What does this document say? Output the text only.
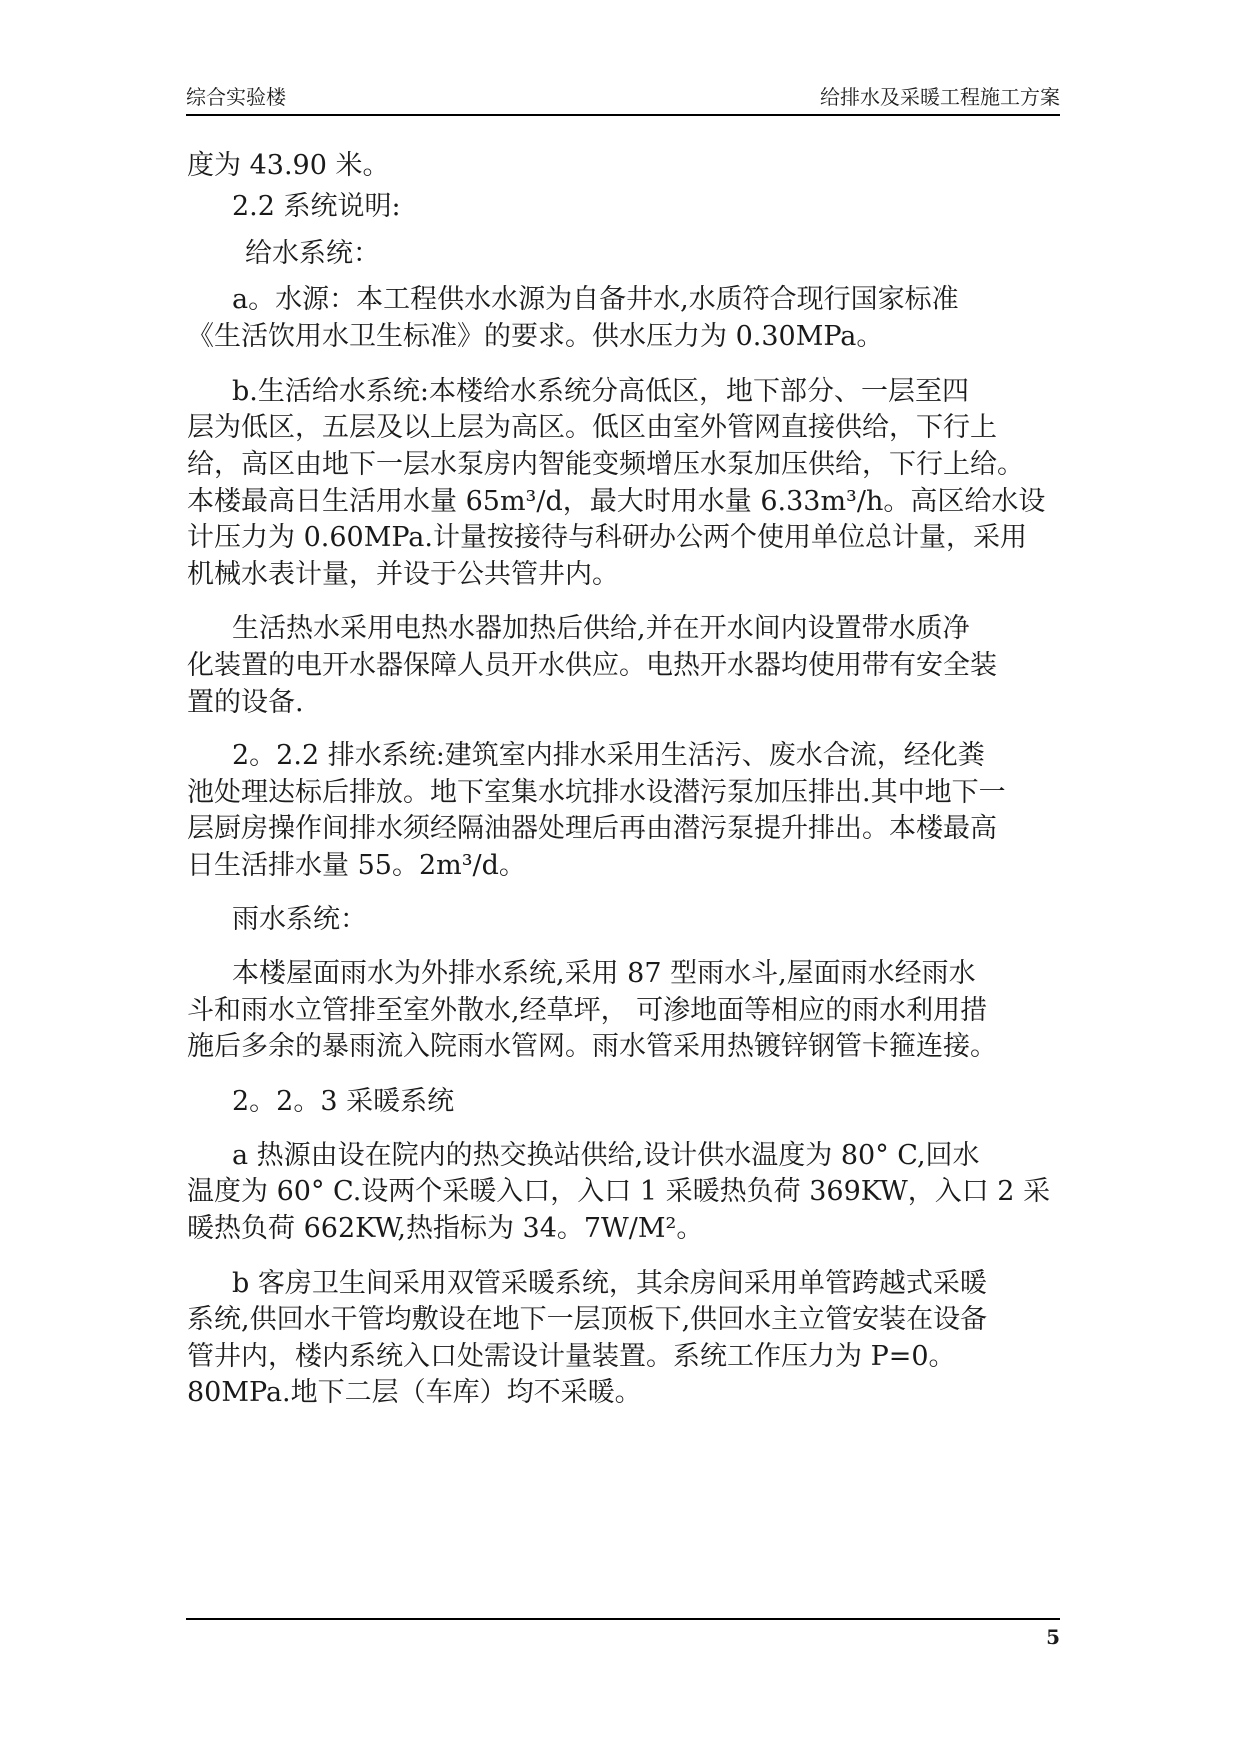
综合实验楼	给排水及采暖工程施工方案

度为 43.90 米。

2.2 系统说明:

给水系统：

a。水源：本工程供水水源为自备井水,水质符合现行国家标准

《生活饮用水卫生标准》的要求。供水压力为 0.30MPa。

b.生活给水系统:本楼给水系统分高低区，地下部分、一层至四

层为低区，五层及以上层为高区。低区由室外管网直接供给，下行上

给，高区由地下一层水泵房内智能变频增压水泵加压供给，下行上给。

本楼最高日生活用水量 65m³/d，最大时用水量 6.33m³/h。高区给水设

计压力为 0.60MPa.计量按接待与科研办公两个使用单位总计量，采用

机械水表计量，并设于公共管井内。

生活热水采用电热水器加热后供给,并在开水间内设置带水质净

化装置的电开水器保障人员开水供应。电热开水器均使用带有安全装

置的设备.

2。2.2 排水系统:建筑室内排水采用生活污、废水合流，经化粪

池处理达标后排放。地下室集水坑排水设潜污泵加压排出.其中地下一

层厨房操作间排水须经隔油器处理后再由潜污泵提升排出。本楼最高

日生活排水量 55。2m³/d。

雨水系统：

本楼屋面雨水为外排水系统,采用 87 型雨水斗,屋面雨水经雨水

斗和雨水立管排至室外散水,经草坪， 可渗地面等相应的雨水利用措

施后多余的暴雨流入院雨水管网。雨水管采用热镀锌钢管卡箍连接。

2。2。3 采暖系统

a 热源由设在院内的热交换站供给,设计供水温度为 80° C,回水

温度为 60° C.设两个采暖入口，入口 1 采暖热负荷 369KW，入口 2 采

暖热负荷 662KW,热指标为 34。7W/M²。

b 客房卫生间采用双管采暖系统，其余房间采用单管跨越式采暖

系统,供回水干管均敷设在地下一层顶板下,供回水主立管安装在设备

管井内，楼内系统入口处需设计量装置。系统工作压力为 P=0。

80MPa.地下二层（车库）均不采暖。

5
